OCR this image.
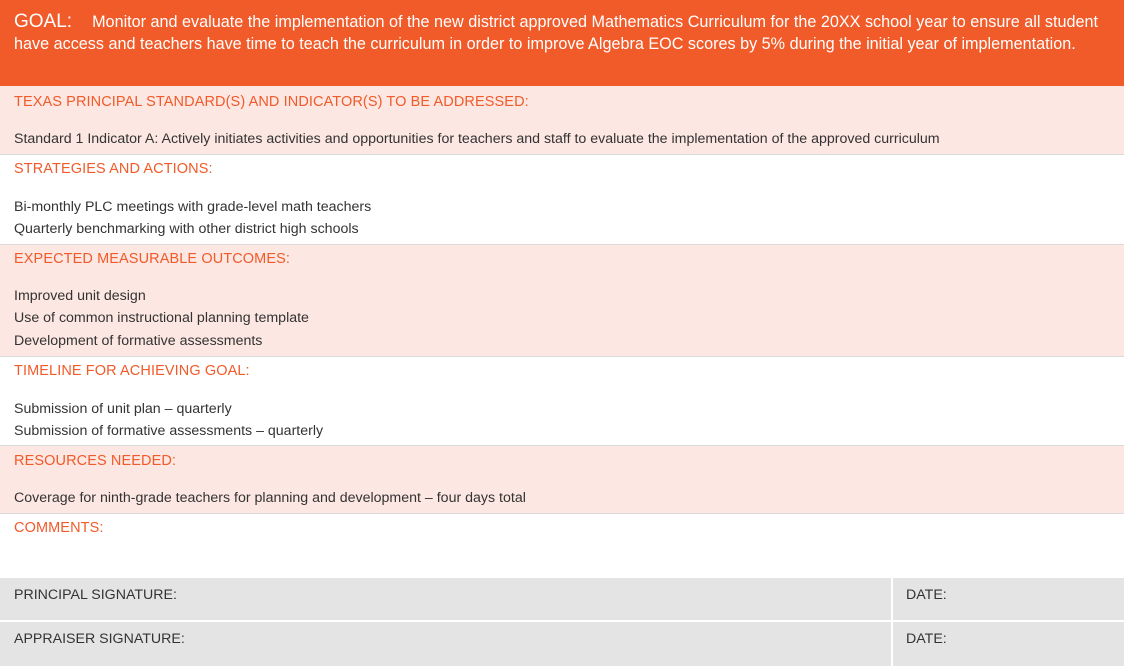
GOAL: Monitor and evaluate the implementation of the new district approved Mathematics Curriculum for the 20XX school year to ensure all student have access and teachers have time to teach the curriculum in order to improve Algebra EOC scores by 5% during the initial year of implementation.
TEXAS PRINCIPAL STANDARD(S) AND INDICATOR(S) TO BE ADDRESSED:
Standard 1 Indicator A: Actively initiates activities and opportunities for teachers and staff to evaluate the implementation of the approved curriculum
STRATEGIES AND ACTIONS:
Bi-monthly PLC meetings with grade-level math teachers
Quarterly benchmarking with other district high schools
EXPECTED MEASURABLE OUTCOMES:
Improved unit design
Use of common instructional planning template
Development of formative assessments
TIMELINE FOR ACHIEVING GOAL:
Submission of unit plan – quarterly
Submission of formative assessments – quarterly
RESOURCES NEEDED:
Coverage for ninth-grade teachers for planning and development – four days total
COMMENTS:
PRINCIPAL SIGNATURE:	DATE:
APPRAISER SIGNATURE:	DATE:
